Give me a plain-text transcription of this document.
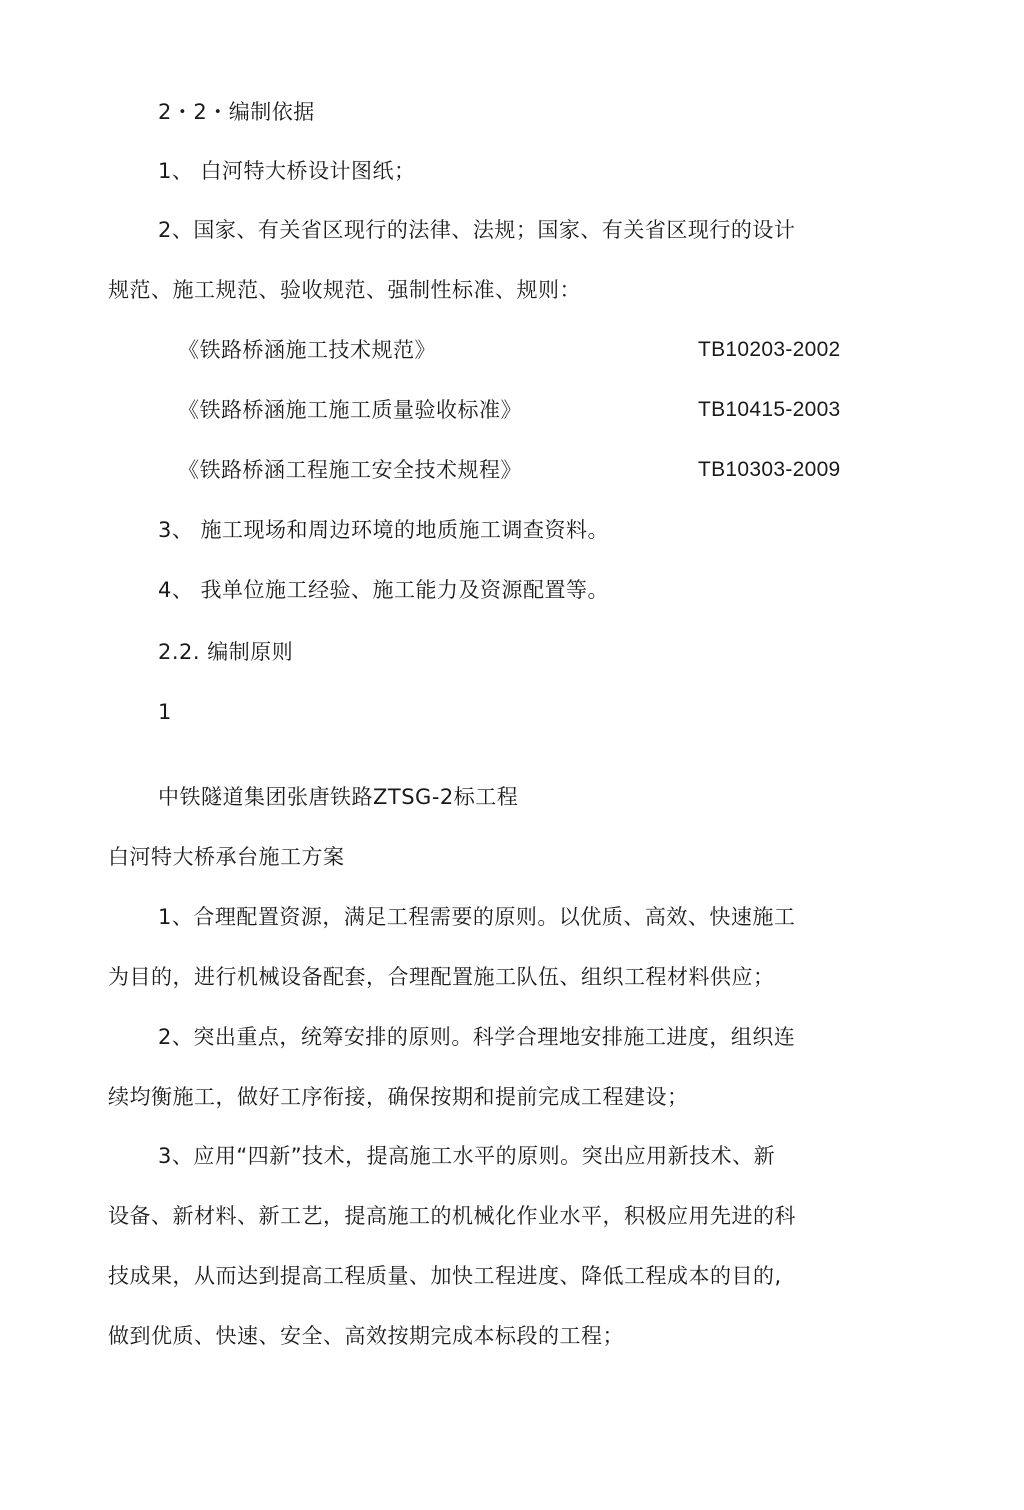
2・2・编制依据
1、 白河特大桥设计图纸；
2、国家、有关省区现行的法律、法规；国家、有关省区现行的设计
规范、施工规范、验收规范、强制性标准、规则：
《铁路桥涵施工技术规范》	TB10203-2002
《铁路桥涵施工施工质量验收标准》	TB10415-2003
《铁路桥涵工程施工安全技术规程》	TB10303-2009
3、 施工现场和周边环境的地质施工调查资料。
4、 我单位施工经验、施工能力及资源配置等。
2.2. 编制原则
1
中铁隧道集团张唐铁路ZTSG-2标工程
白河特大桥承台施工方案
1、合理配置资源，满足工程需要的原则。以优质、高效、快速施工
为目的，进行机械设备配套，合理配置施工队伍、组织工程材料供应；
2、突出重点，统筹安排的原则。科学合理地安排施工进度，组织连
续均衡施工，做好工序衔接，确保按期和提前完成工程建设；
3、应用“四新”技术，提高施工水平的原则。突出应用新技术、新
设备、新材料、新工艺，提高施工的机械化作业水平，积极应用先进的科
技成果，从而达到提高工程质量、加快工程进度、降低工程成本的目的,
做到优质、快速、安全、高效按期完成本标段的工程；
